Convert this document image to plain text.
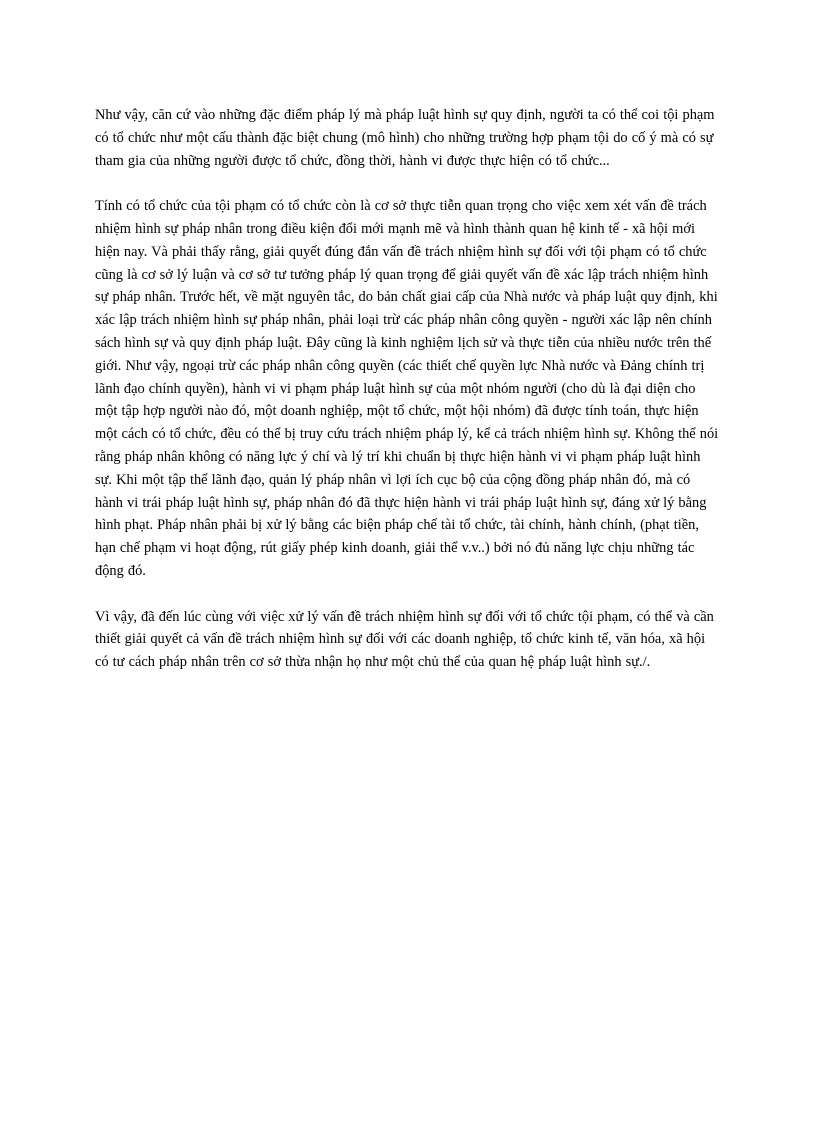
Như vậy, căn cứ vào những đặc điểm pháp lý mà pháp luật hình sự quy định, người ta có thể coi tội phạm có tổ chức như một cấu thành đặc biệt chung (mô hình) cho những trường hợp phạm tội do cố ý mà có sự tham gia của những người được tổ chức, đồng thời, hành vi được thực hiện có tổ chức...

Tính có tổ chức của tội phạm có tổ chức còn là cơ sở thực tiễn quan trọng cho việc xem xét vấn đề trách nhiệm hình sự pháp nhân trong điều kiện đổi mới mạnh mẽ và hình thành quan hệ kinh tế - xã hội mới hiện nay. Và phải thấy rằng, giải quyết đúng đắn vấn đề trách nhiệm hình sự đối với tội phạm có tổ chức cũng là cơ sở lý luận và cơ sở tư tưởng pháp lý quan trọng để giải quyết vấn đề xác lập trách nhiệm hình sự pháp nhân. Trước hết, về mặt nguyên tắc, do bản chất giai cấp của Nhà nước và pháp luật quy định, khi xác lập trách nhiệm hình sự pháp nhân, phải loại trừ các pháp nhân công quyền - người xác lập nên chính sách hình sự và quy định pháp luật. Đây cũng là kinh nghiệm lịch sử và thực tiễn của nhiều nước trên thế giới. Như vậy, ngoại trừ các pháp nhân công quyền (các thiết chế quyền lực Nhà nước và Đảng chính trị lãnh đạo chính quyền), hành vi vi phạm pháp luật hình sự của một nhóm người (cho dù là đại diện cho một tập hợp người nào đó, một doanh nghiệp, một tổ chức, một hội nhóm) đã được tính toán, thực hiện một cách có tổ chức, đều có thể bị truy cứu trách nhiệm pháp lý, kể cả trách nhiệm hình sự. Không thể nói rằng pháp nhân không có năng lực ý chí và lý trí khi chuẩn bị thực hiện hành vi vi phạm pháp luật hình sự. Khi một tập thể lãnh đạo, quản lý pháp nhân vì lợi ích cục bộ của cộng đồng pháp nhân đó, mà có hành vi trái pháp luật hình sự, pháp nhân đó đã thực hiện hành vi trái pháp luật hình sự, đáng xử lý bằng hình phạt. Pháp nhân phải bị xử lý bằng các biện pháp chế tài tổ chức, tài chính, hành chính, (phạt tiền, hạn chế phạm vi hoạt động, rút giấy phép kinh doanh, giải thể v.v..) bởi nó đủ năng lực chịu những tác động đó.

Vì vậy, đã đến lúc cùng với việc xử lý vấn đề trách nhiệm hình sự đối với tổ chức tội phạm, có thể và cần thiết giải quyết cả vấn đề trách nhiệm hình sự đối với các doanh nghiệp, tổ chức kinh tế, văn hóa, xã hội có tư cách pháp nhân trên cơ sở thừa nhận họ như một chủ thể của quan hệ pháp luật hình sự./.
